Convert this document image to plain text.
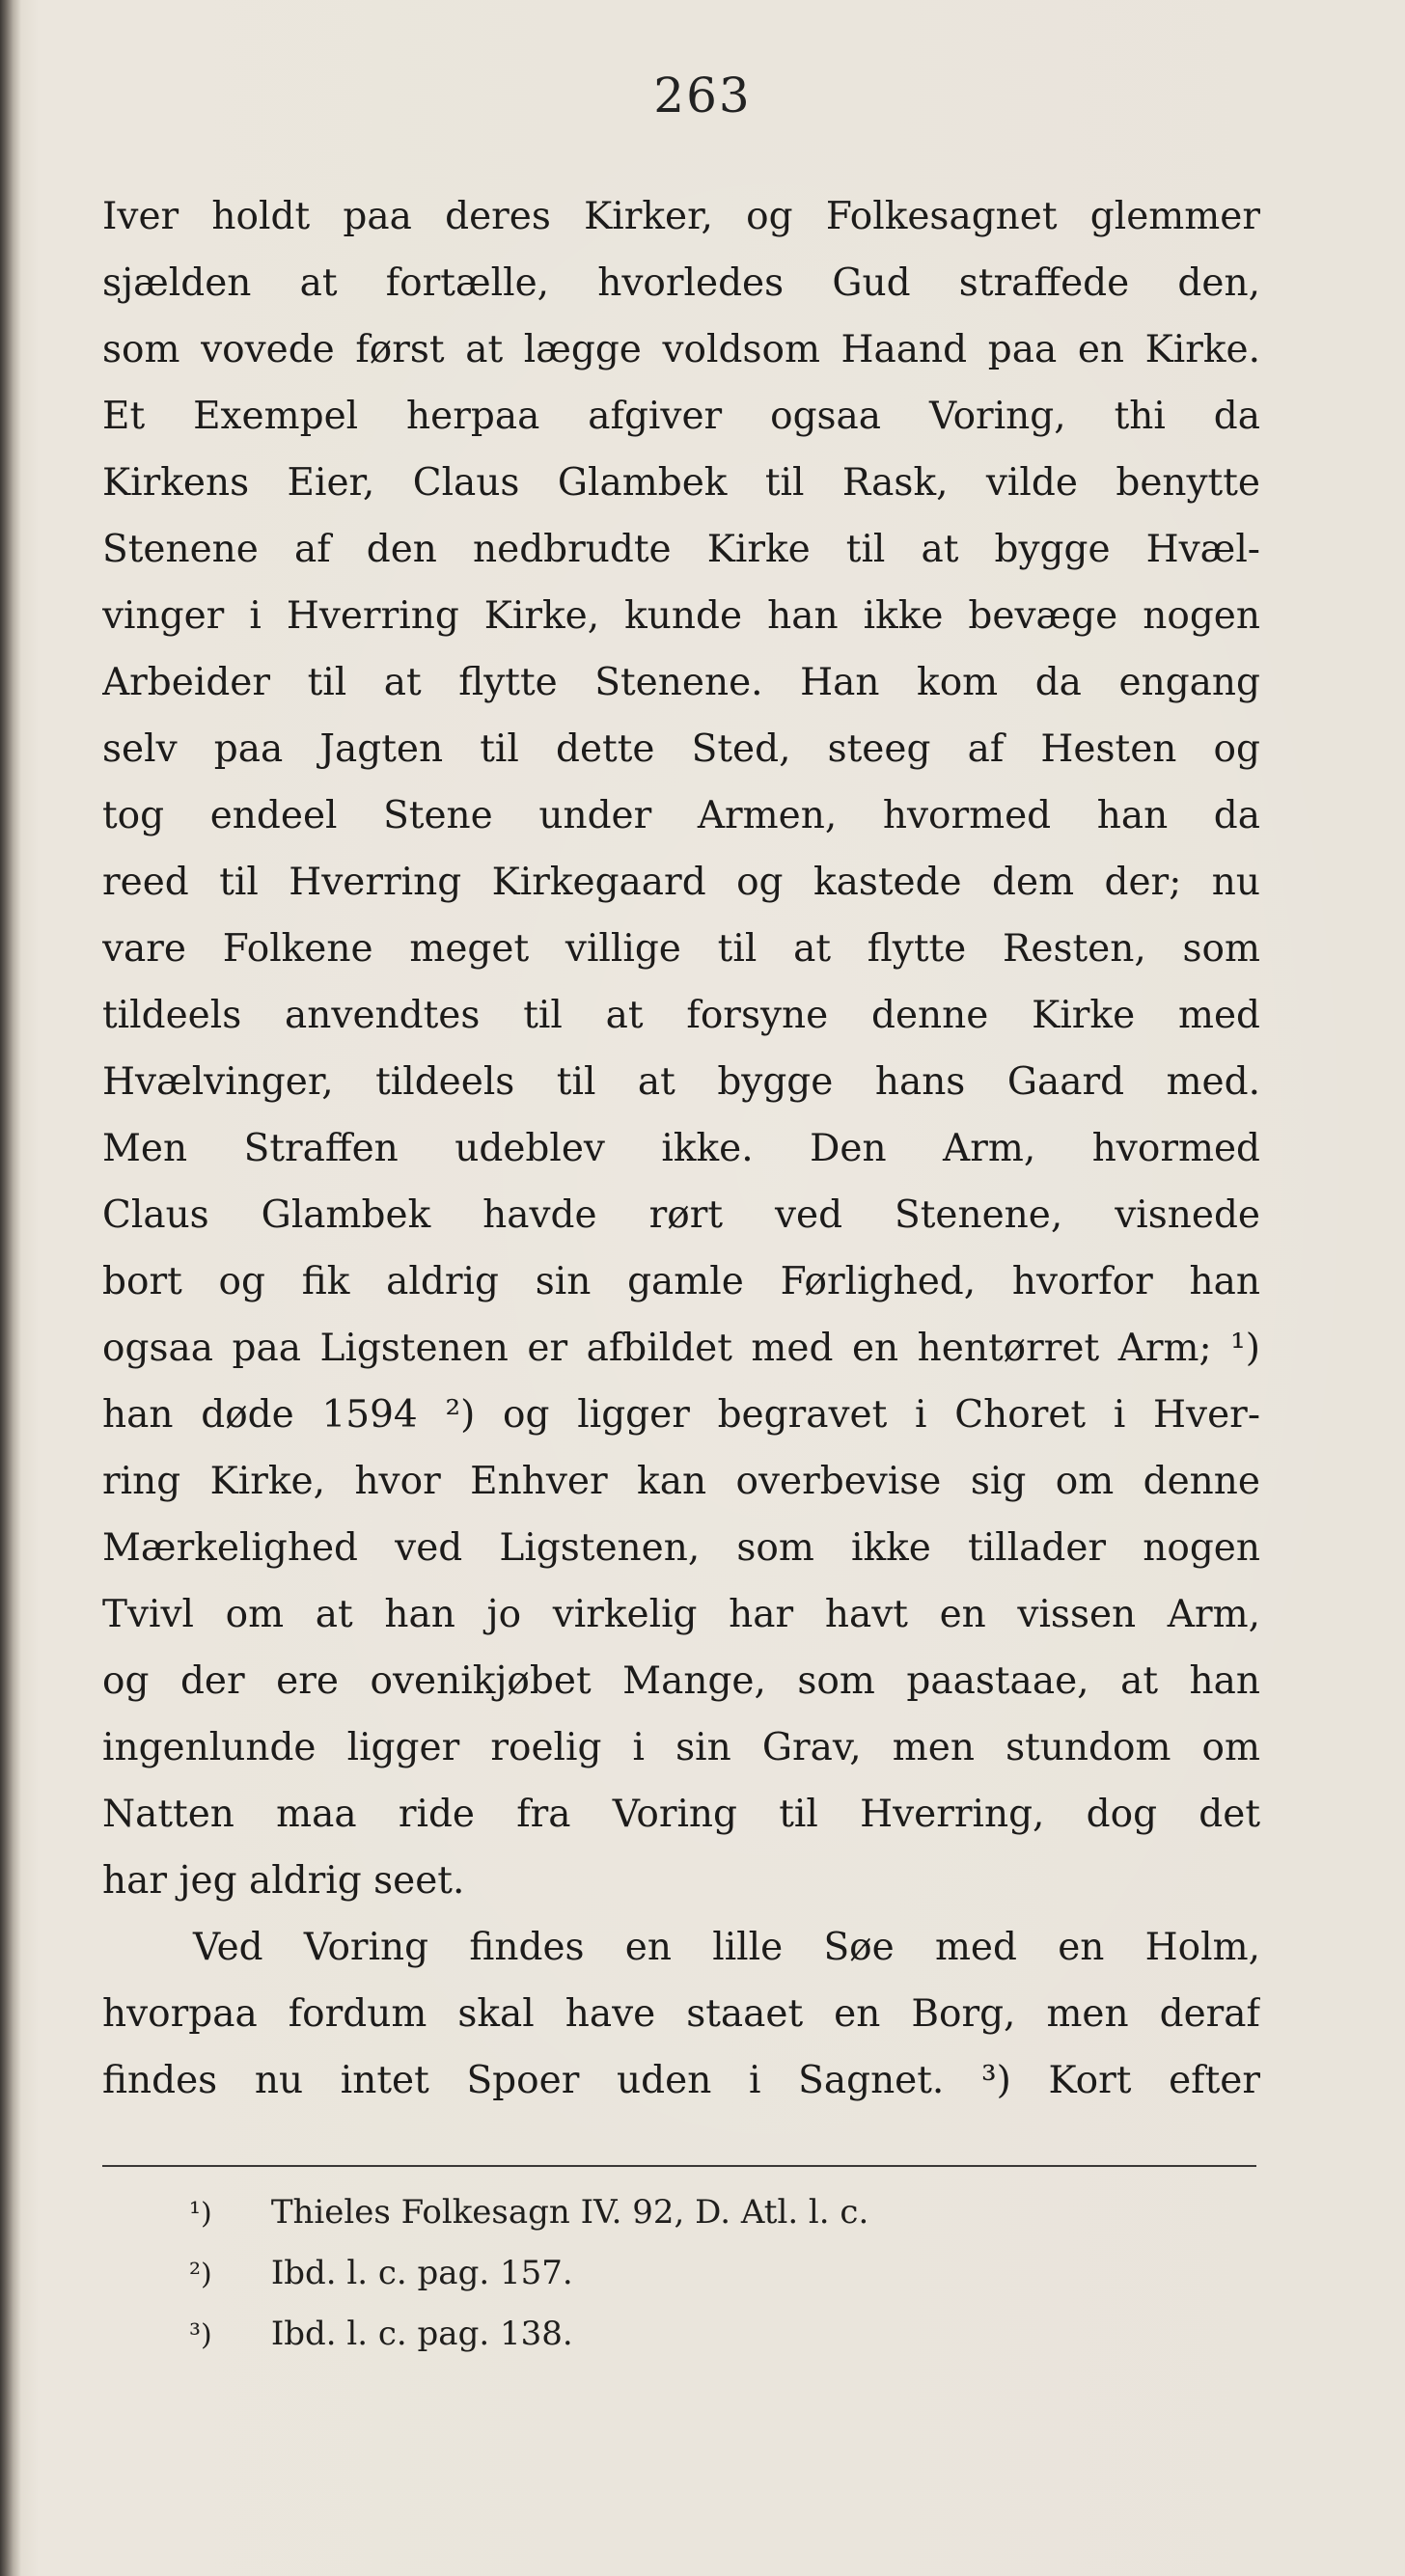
263
Iver holdt paa deres Kirker, og Folkesagnet glemmer
sjælden at fortælle, hvorledes Gud straffede den,
som vovede først at lægge voldsom Haand paa en Kirke.
Et Exempel herpaa afgiver ogsaa Voring, thi da
Kirkens Eier, Claus Glambek til Rask, vilde benytte
Stenene af den nedbrudte Kirke til at bygge Hvæl-
vinger i Hverring Kirke, kunde han ikke bevæge nogen
Arbeider til at flytte Stenene. Han kom da engang
selv paa Jagten til dette Sted, steeg af Hesten og
tog endeel Stene under Armen, hvormed han da
reed til Hverring Kirkegaard og kastede dem der; nu
vare Folkene meget villige til at flytte Resten, som
tildeels anvendtes til at forsyne denne Kirke med
Hvælvinger, tildeels til at bygge hans Gaard med.
Men Straffen udeblev ikke. Den Arm, hvormed
Claus Glambek havde rørt ved Stenene, visnede
bort og fik aldrig sin gamle Førlighed, hvorfor han
ogsaa paa Ligstenen er afbildet med en hentørret Arm; ¹)
han døde 1594 ²) og ligger begravet i Choret i Hver-
ring Kirke, hvor Enhver kan overbevise sig om denne
Mærkelighed ved Ligstenen, som ikke tillader nogen
Tvivl om at han jo virkelig har havt en vissen Arm,
og der ere ovenikjøbet Mange, som paastaae, at han
ingenlunde ligger roelig i sin Grav, men stundom om
Natten maa ride fra Voring til Hverring, dog det
har jeg aldrig seet.
Ved Voring findes en lille Søe med en Holm,
hvorpaa fordum skal have staaet en Borg, men deraf
findes nu intet Spoer uden i Sagnet. ³) Kort efter
¹) Thieles Folkesagn IV. 92, D. Atl. l. c.
²) Ibd. l. c. pag. 157.
³) Ibd. l. c. pag. 138.
